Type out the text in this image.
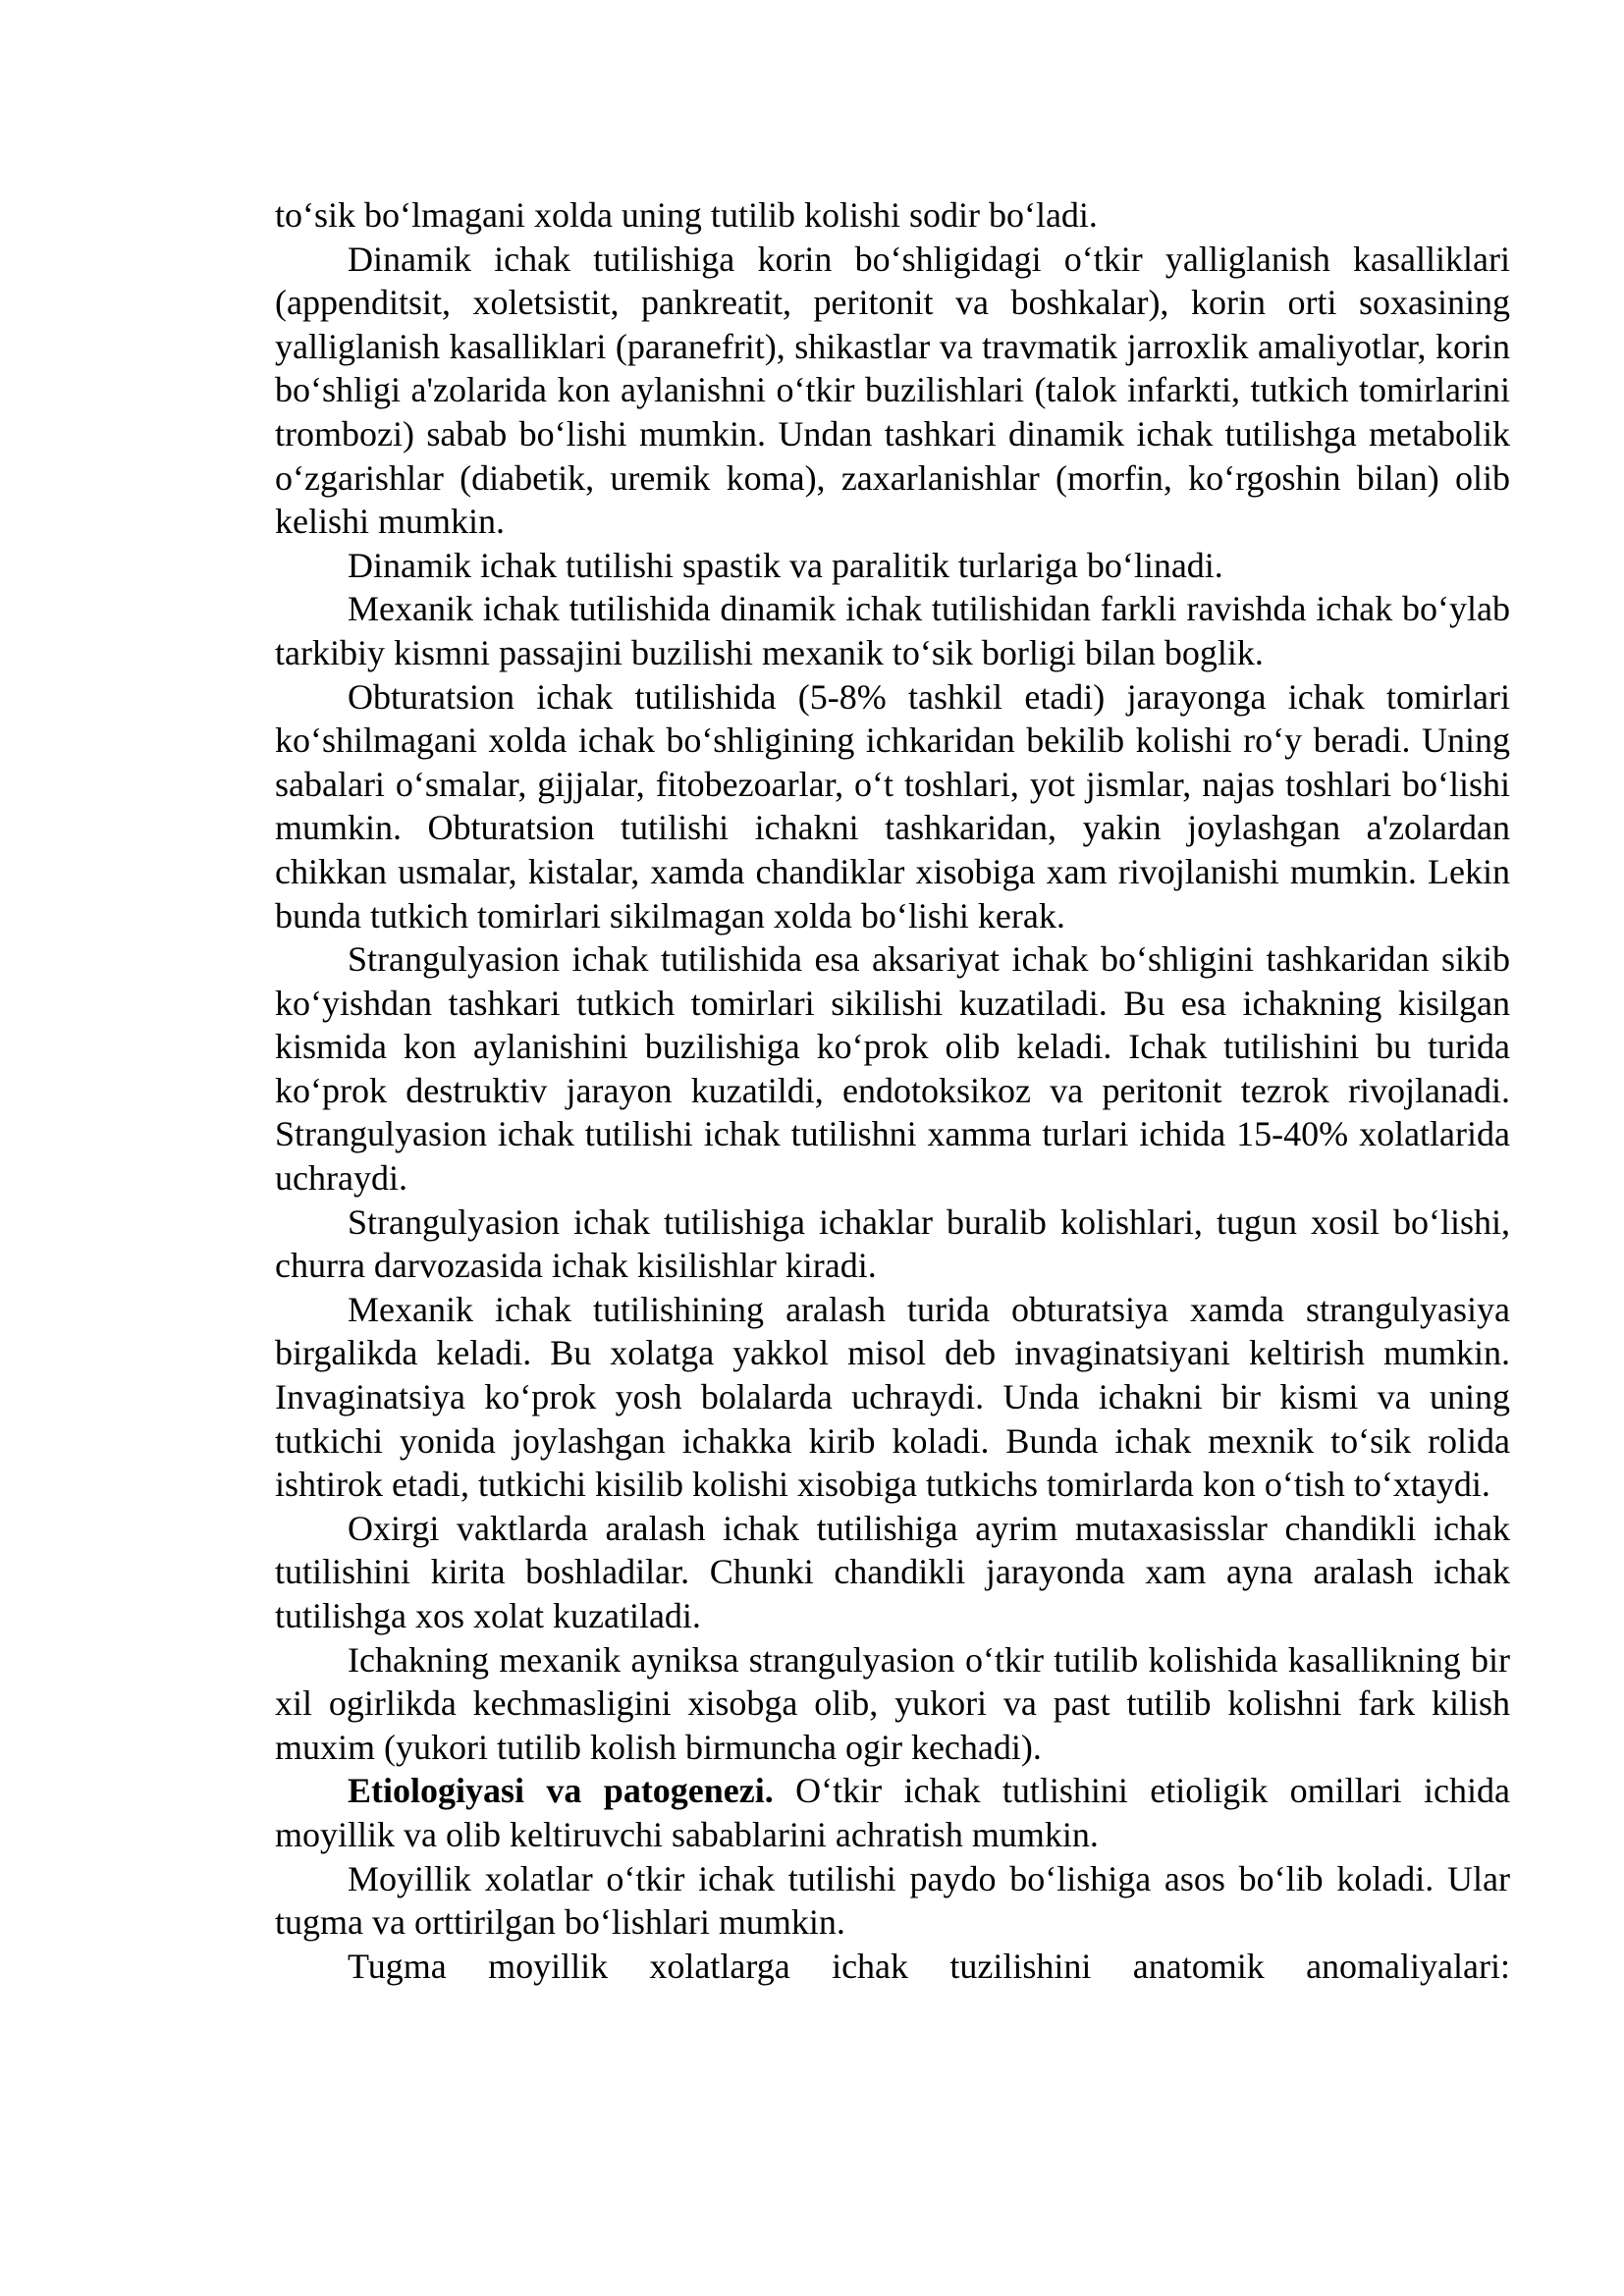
to‘sik bo‘lmagani xolda uning tutilib kolishi sodir bo‘ladi.

Dinamik ichak tutilishiga korin bo‘shligidagi o‘tkir yalliglanish kasalliklari (appenditsit, xoletsistit, pankreatit, peritonit va boshkalar), korin orti soxasining yalliglanish kasalliklari (paranefrit), shikastlar va travmatik jarroxlik amaliyotlar, korin bo‘shligi a'zolarida kon aylanishni o‘tkir buzilishlari (talok infarkti, tutkich tomirlarini trombozi) sabab bo‘lishi mumkin. Undan tashkari dinamik ichak tutilishga metabolik o‘zgarishlar (diabetik, uremik koma), zaxarlanishlar (morfin, ko‘rgoshin bilan) olib kelishi mumkin.

Dinamik ichak tutilishi spastik va paralitik turlariga bo‘linadi.

Mexanik ichak tutilishida dinamik ichak tutilishidan farkli ravishda ichak bo‘ylab tarkibiy kismni passajini buzilishi mexanik to‘sik borligi bilan boglik.

Obturatsion ichak tutilishida (5-8% tashkil etadi) jarayonga ichak tomirlari ko‘shilmagani xolda ichak bo‘shligining ichkaridan bekilib kolishi ro‘y beradi. Uning sabalari o‘smalar, gijjalar, fitobezoarlar, o‘t toshlari, yot jismlar, najas toshlari bo‘lishi mumkin. Obturatsion tutilishi ichakni tashkaridan, yakin joylashgan a'zolardan chikkan usmalar, kistalar, xamda chandiklar xisobiga xam rivojlanishi mumkin. Lekin bunda tutkich tomirlari sikilmagan xolda bo‘lishi kerak.

Strangulyasion ichak tutilishida esa aksariyat ichak bo‘shligini tashkaridan sikib ko‘yishdan tashkari tutkich tomirlari sikilishi kuzatiladi. Bu esa ichakning kisilgan kismida kon aylanishini buzilishiga ko‘prok olib keladi. Ichak tutilishini bu turida ko‘prok destruktiv jarayon kuzatildi, endotoksikoz va peritonit tezrok rivojlanadi. Strangulyasion ichak tutilishi ichak tutilishni xamma turlari ichida 15-40% xolatlarida uchraydi.

Strangulyasion ichak tutilishiga ichaklar buralib kolishlari, tugun xosil bo‘lishi, churra darvozasida ichak kisilishlar kiradi.

Mexanik ichak tutilishining aralash turida obturatsiya xamda strangulyasiya birgalikda keladi. Bu xolatga yakkol misol deb invaginatsiyani keltirish mumkin. Invaginatsiya ko‘prok yosh bolalarda uchraydi. Unda ichakni bir kismi va uning tutkichi yonida joylashgan ichakka kirib koladi. Bunda ichak mexnik to‘sik rolida ishtirok etadi, tutkichi kisilib kolishi xisobiga tutkichs tomirlarda kon o‘tish to‘xtaydi.

Oxirgi vaktlarda aralash ichak tutilishiga ayrim mutaxasisslar chandikli ichak tutilishini kirita boshladilar. Chunki chandikli jarayonda xam ayna aralash ichak tutilishga xos xolat kuzatiladi.

Ichakning mexanik ayniksa strangulyasion o‘tkir tutilib kolishida kasallikning bir xil ogirlikda kechmasligini xisobga olib, yukori va past tutilib kolishni fark kilish muxim (yukori tutilib kolish birmuncha ogir kechadi).

Etiologiyasi va patogenezi. O‘tkir ichak tutlishini etioligik omillari ichida moyillik va olib keltiruvchi sabablarini achratish mumkin.

Moyillik xolatlar o‘tkir ichak tutilishi paydo bo‘lishiga asos bo‘lib koladi. Ular tugma va orttirilgan bo‘lishlari mumkin.

Tugma moyillik xolatlarga ichak tuzilishini anatomik anomaliyalari:
